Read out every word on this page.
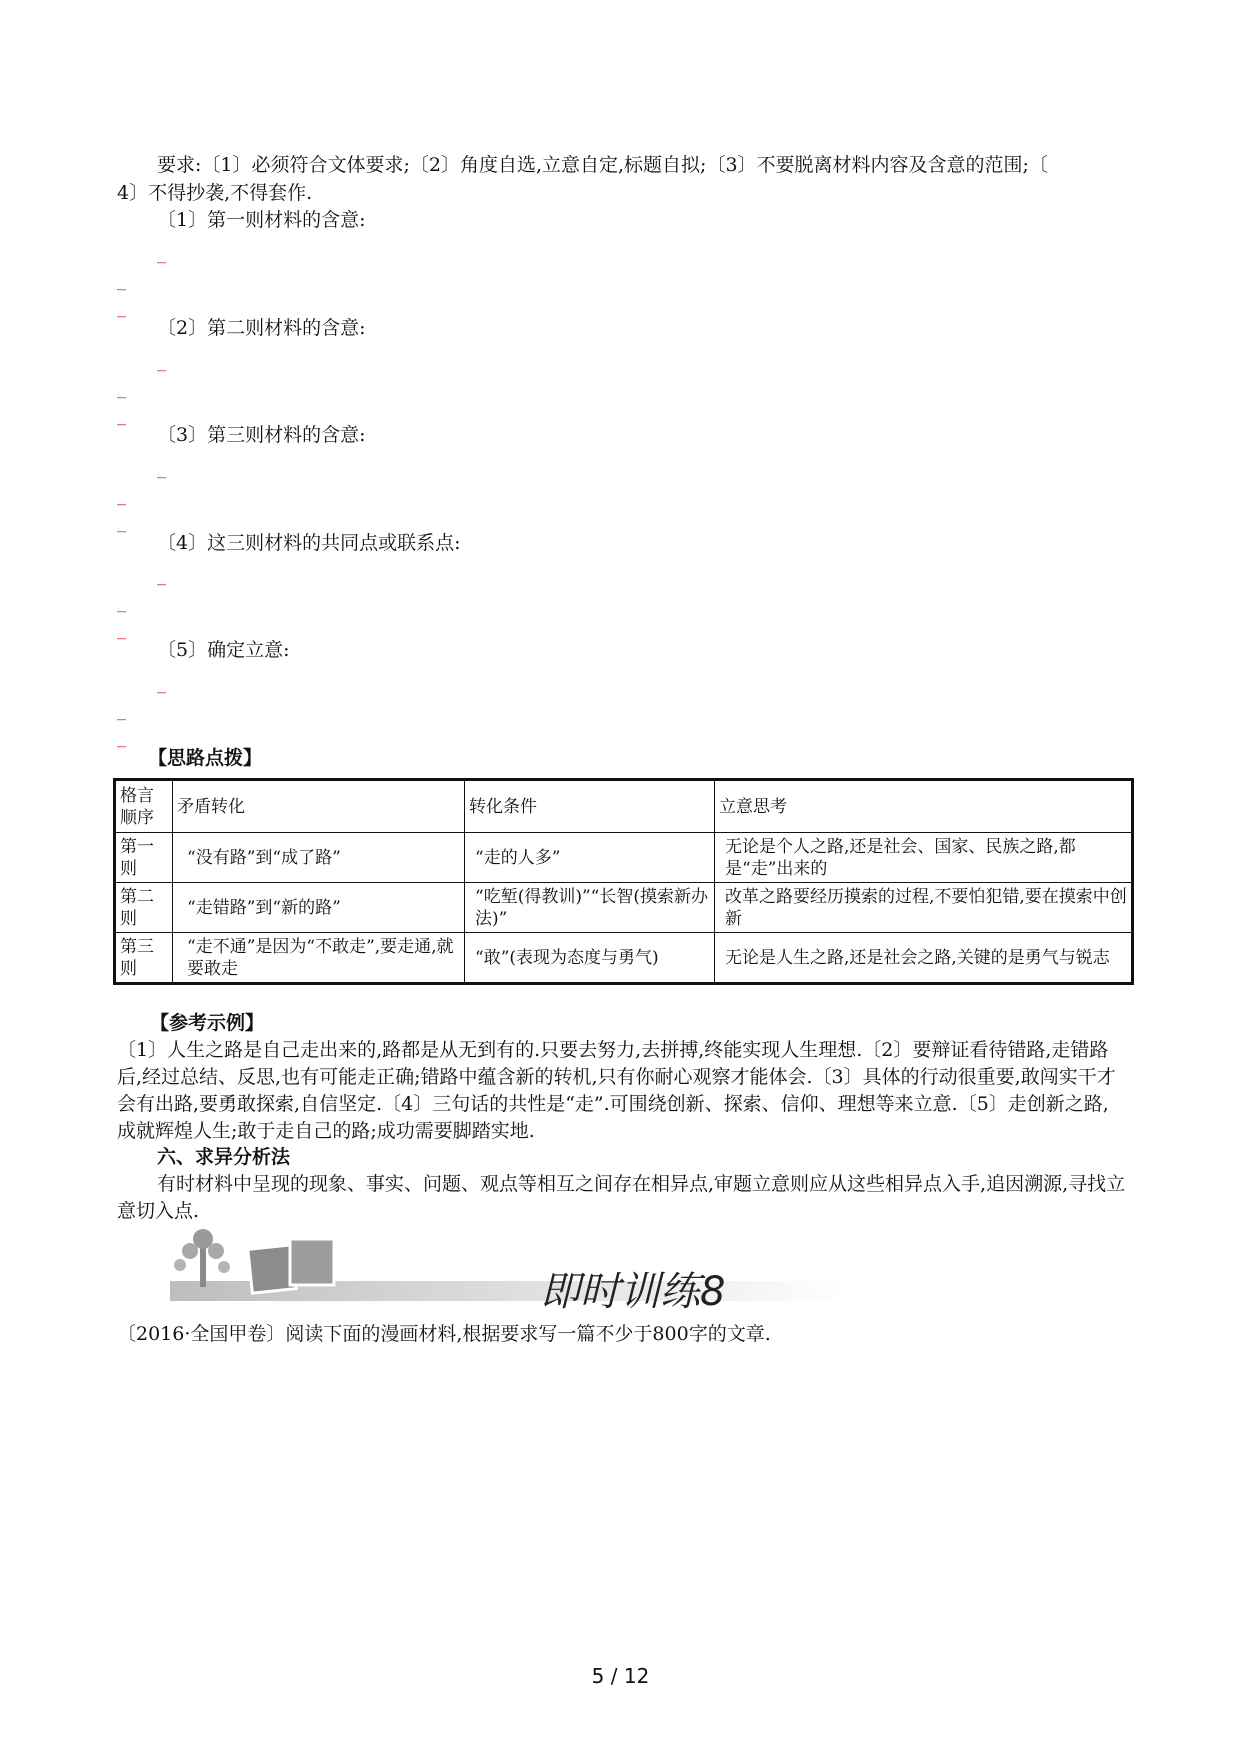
要求:〔1〕必须符合文体要求;〔2〕角度自选,立意自定,标题自拟;〔3〕不要脱离材料内容及含意的范围;〔
4〕不得抄袭,不得套作.
〔1〕第一则材料的含意:
_
_
_
〔2〕第二则材料的含意:
_
_
_
〔3〕第三则材料的含意:
_
_
_
〔4〕这三则材料的共同点或联系点:
_
_
_
〔5〕确定立意:
_
_
_
【思路点拨】
格言顺序	矛盾转化	转化条件	立意思考
第一则	“没有路”到“成了路”	“走的人多”	无论是个人之路,还是社会、国家、民族之路,都是“走”出来的
第二则	“走错路”到“新的路”	“吃堑(得教训)”“长智(摸索新办法)”	改革之路要经历摸索的过程,不要怕犯错,要在摸索中创新
第三则	“走不通”是因为“不敢走”,要走通,就要敢走	“敢”(表现为态度与勇气)	无论是人生之路,还是社会之路,关键的是勇气与锐志
【参考示例】
〔1〕人生之路是自己走出来的,路都是从无到有的.只要去努力,去拼搏,终能实现人生理想.〔2〕要辩证看待错路,走错路后,经过总结、反思,也有可能走正确;错路中蕴含新的转机,只有你耐心观察才能体会.〔3〕具体的行动很重要,敢闯实干才会有出路,要勇敢探索,自信坚定.〔4〕三句话的共性是“走”.可围绕创新、探索、信仰、理想等来立意.〔5〕走创新之路,成就辉煌人生;敢于走自己的路;成功需要脚踏实地.
六、求异分析法
有时材料中呈现的现象、事实、问题、观点等相互之间存在相异点,审题立意则应从这些相异点入手,追因溯源,寻找立意切入点.
即时训练8
〔2016·全国甲卷〕阅读下面的漫画材料,根据要求写一篇不少于800字的文章.
5 / 12
